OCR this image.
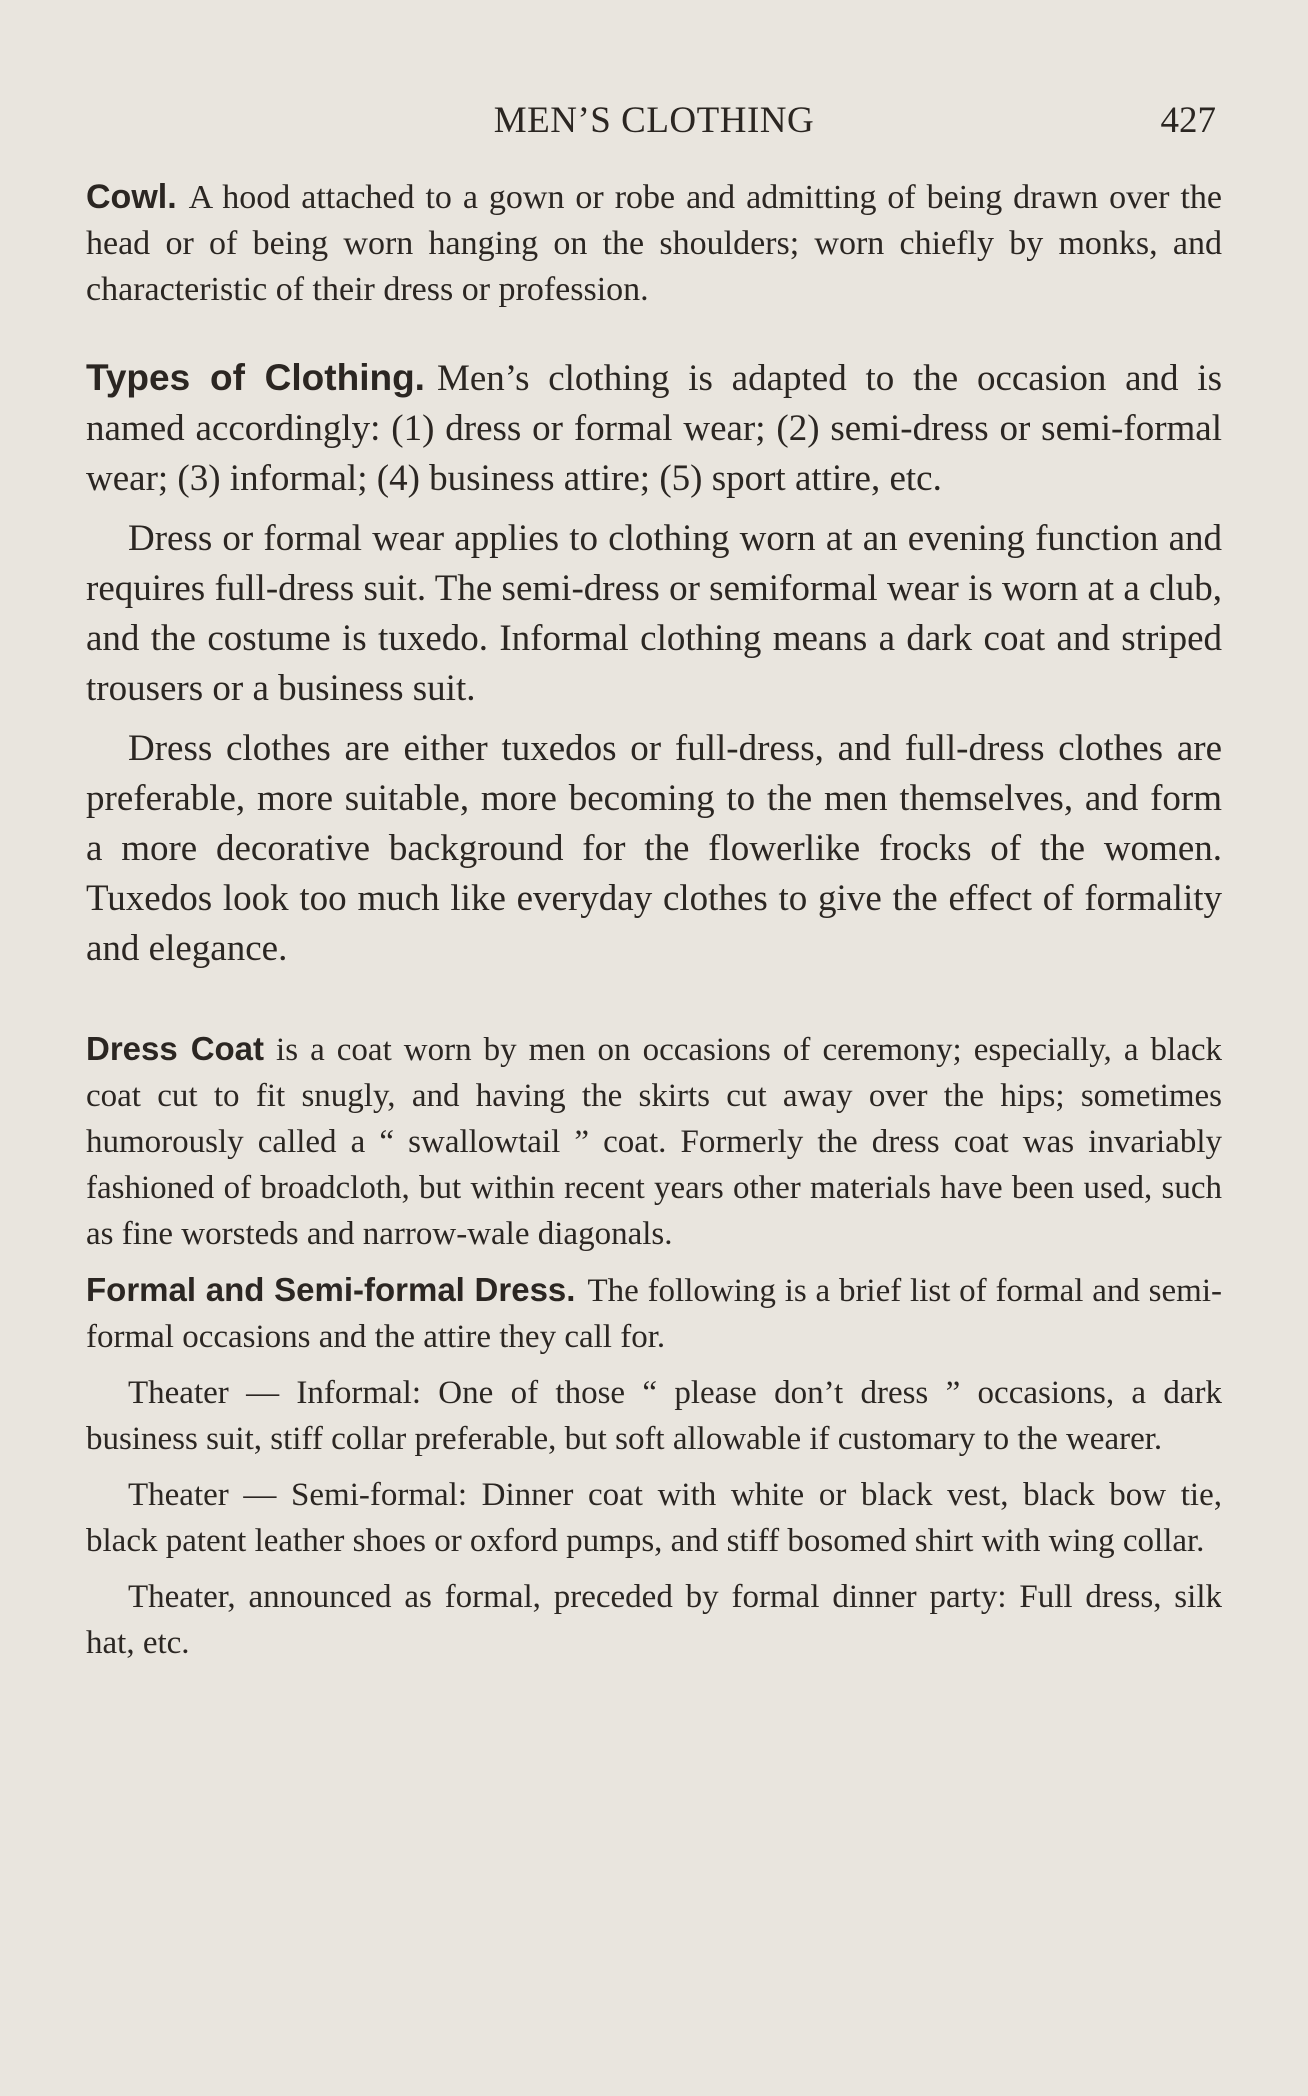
MEN’S CLOTHING	427

Cowl. A hood attached to a gown or robe and admitting of being drawn over the head or of being worn hanging on the shoulders; worn chiefly by monks, and characteristic of their dress or profession.

Types of Clothing. Men’s clothing is adapted to the occasion and is named accordingly: (1) dress or formal wear; (2) semi-dress or semi-formal wear; (3) informal; (4) business attire; (5) sport attire, etc.

Dress or formal wear applies to clothing worn at an evening function and requires full-dress suit. The semi-dress or semiformal wear is worn at a club, and the costume is tuxedo. Informal clothing means a dark coat and striped trousers or a business suit.

Dress clothes are either tuxedos or full-dress, and full-dress clothes are preferable, more suitable, more becoming to the men themselves, and form a more decorative background for the flowerlike frocks of the women. Tuxedos look too much like everyday clothes to give the effect of formality and elegance.

Dress Coat is a coat worn by men on occasions of ceremony; especially, a black coat cut to fit snugly, and having the skirts cut away over the hips; sometimes humorously called a “ swallowtail ” coat. Formerly the dress coat was invariably fashioned of broadcloth, but within recent years other materials have been used, such as fine worsteds and narrow-wale diagonals.

Formal and Semi-formal Dress. The following is a brief list of formal and semi-formal occasions and the attire they call for.

Theater — Informal: One of those “ please don’t dress ” occasions, a dark business suit, stiff collar preferable, but soft allowable if customary to the wearer.

Theater — Semi-formal: Dinner coat with white or black vest, black bow tie, black patent leather shoes or oxford pumps, and stiff bosomed shirt with wing collar.

Theater, announced as formal, preceded by formal dinner party: Full dress, silk hat, etc.
